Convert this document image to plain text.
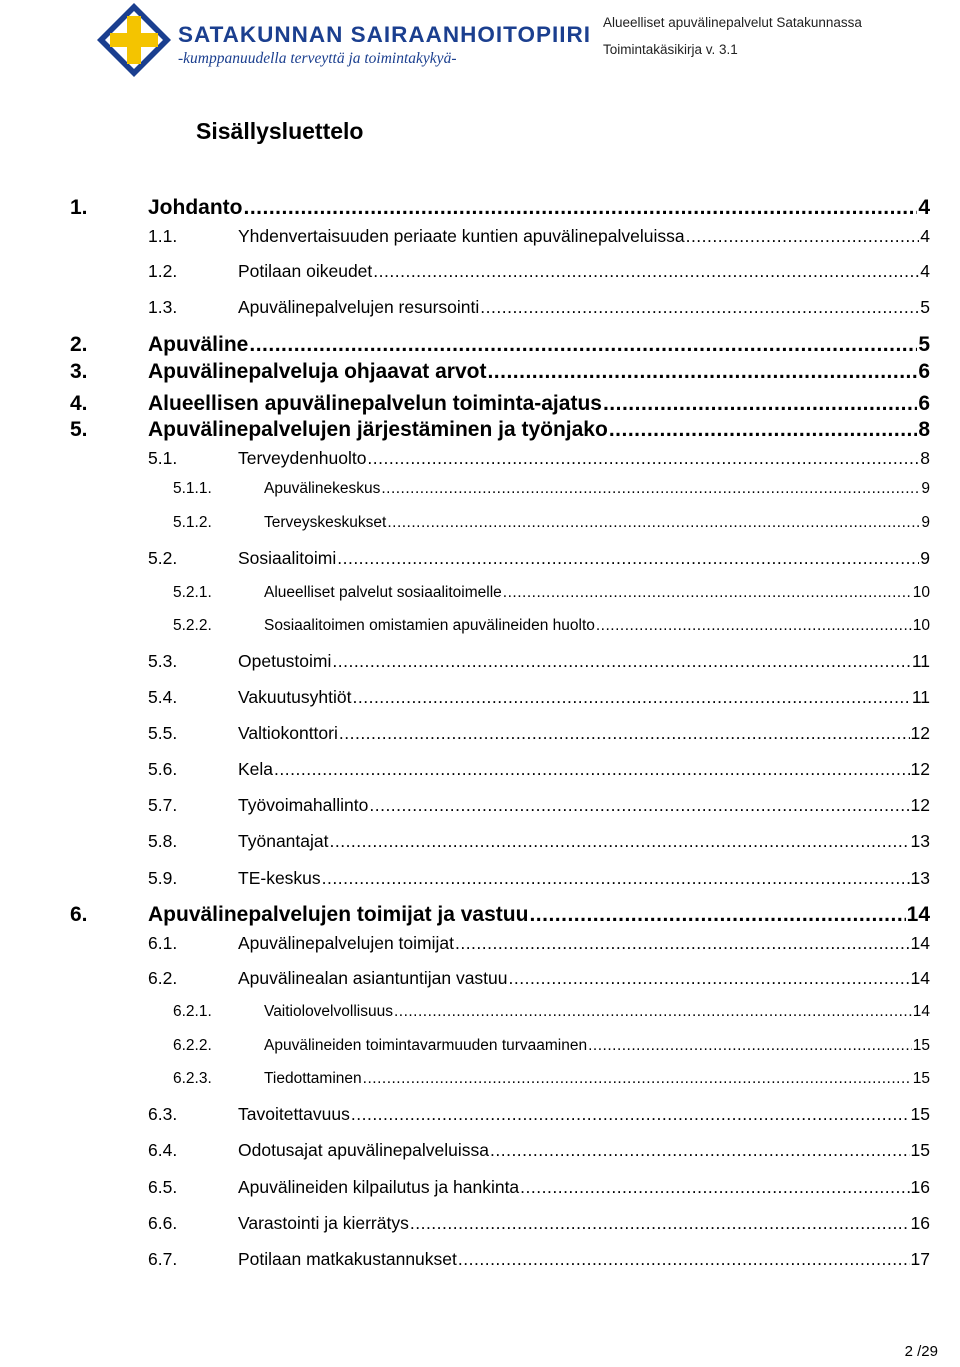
SATAKUNNAN SAIRAANHOITOPIIRI
-kumppanuudella terveyttä ja toimintakykyä-
Alueelliset apuvälinepalvelut Satakunnassa
Toimintakäsikirja v. 3.1
Sisällysluettelo
1.	Johdanto .....	4
1.1.	Yhdenvertaisuuden periaate kuntien apuvälinepalveluissa .....	4
1.2.	Potilaan oikeudet .....	4
1.3.	Apuvälinepalvelujen resursointi .....	5
2.	Apuväline .....	5
3.	Apuvälinepalveluja ohjaavat arvot .....	6
4.	Alueellisen apuvälinepalvelun toiminta-ajatus .....	6
5.	Apuvälinepalvelujen järjestäminen ja työnjako .....	8
5.1.	Terveydenhuolto .....	8
5.1.1.	Apuvälinekeskus .....	9
5.1.2.	Terveyskeskukset .....	9
5.2.	Sosiaalitoimi .....	9
5.2.1.	Alueelliset palvelut sosiaalitoimelle .....	10
5.2.2.	Sosiaalitoimen omistamien apuvälineiden huolto .....	10
5.3.	Opetustoimi .....	11
5.4.	Vakuutusyhtiöt .....	11
5.5.	Valtiokonttori .....	12
5.6.	Kela .....	12
5.7.	Työvoimahallinto .....	12
5.8.	Työnantajat .....	13
5.9.	TE-keskus .....	13
6.	Apuvälinepalvelujen toimijat ja vastuu .....	14
6.1.	Apuvälinepalvelujen toimijat .....	14
6.2.	Apuvälinealan asiantuntijan vastuu .....	14
6.2.1.	Vaitiolovelvollisuus .....	14
6.2.2.	Apuvälineiden toimintavarmuuden turvaaminen .....	15
6.2.3.	Tiedottaminen .....	15
6.3.	Tavoitettavuus .....	15
6.4.	Odotusajat apuvälinepalveluissa .....	15
6.5.	Apuvälineiden kilpailutus ja hankinta .....	16
6.6.	Varastointi ja kierrätys .....	16
6.7.	Potilaan matkakustannukset .....	17
2 /29
